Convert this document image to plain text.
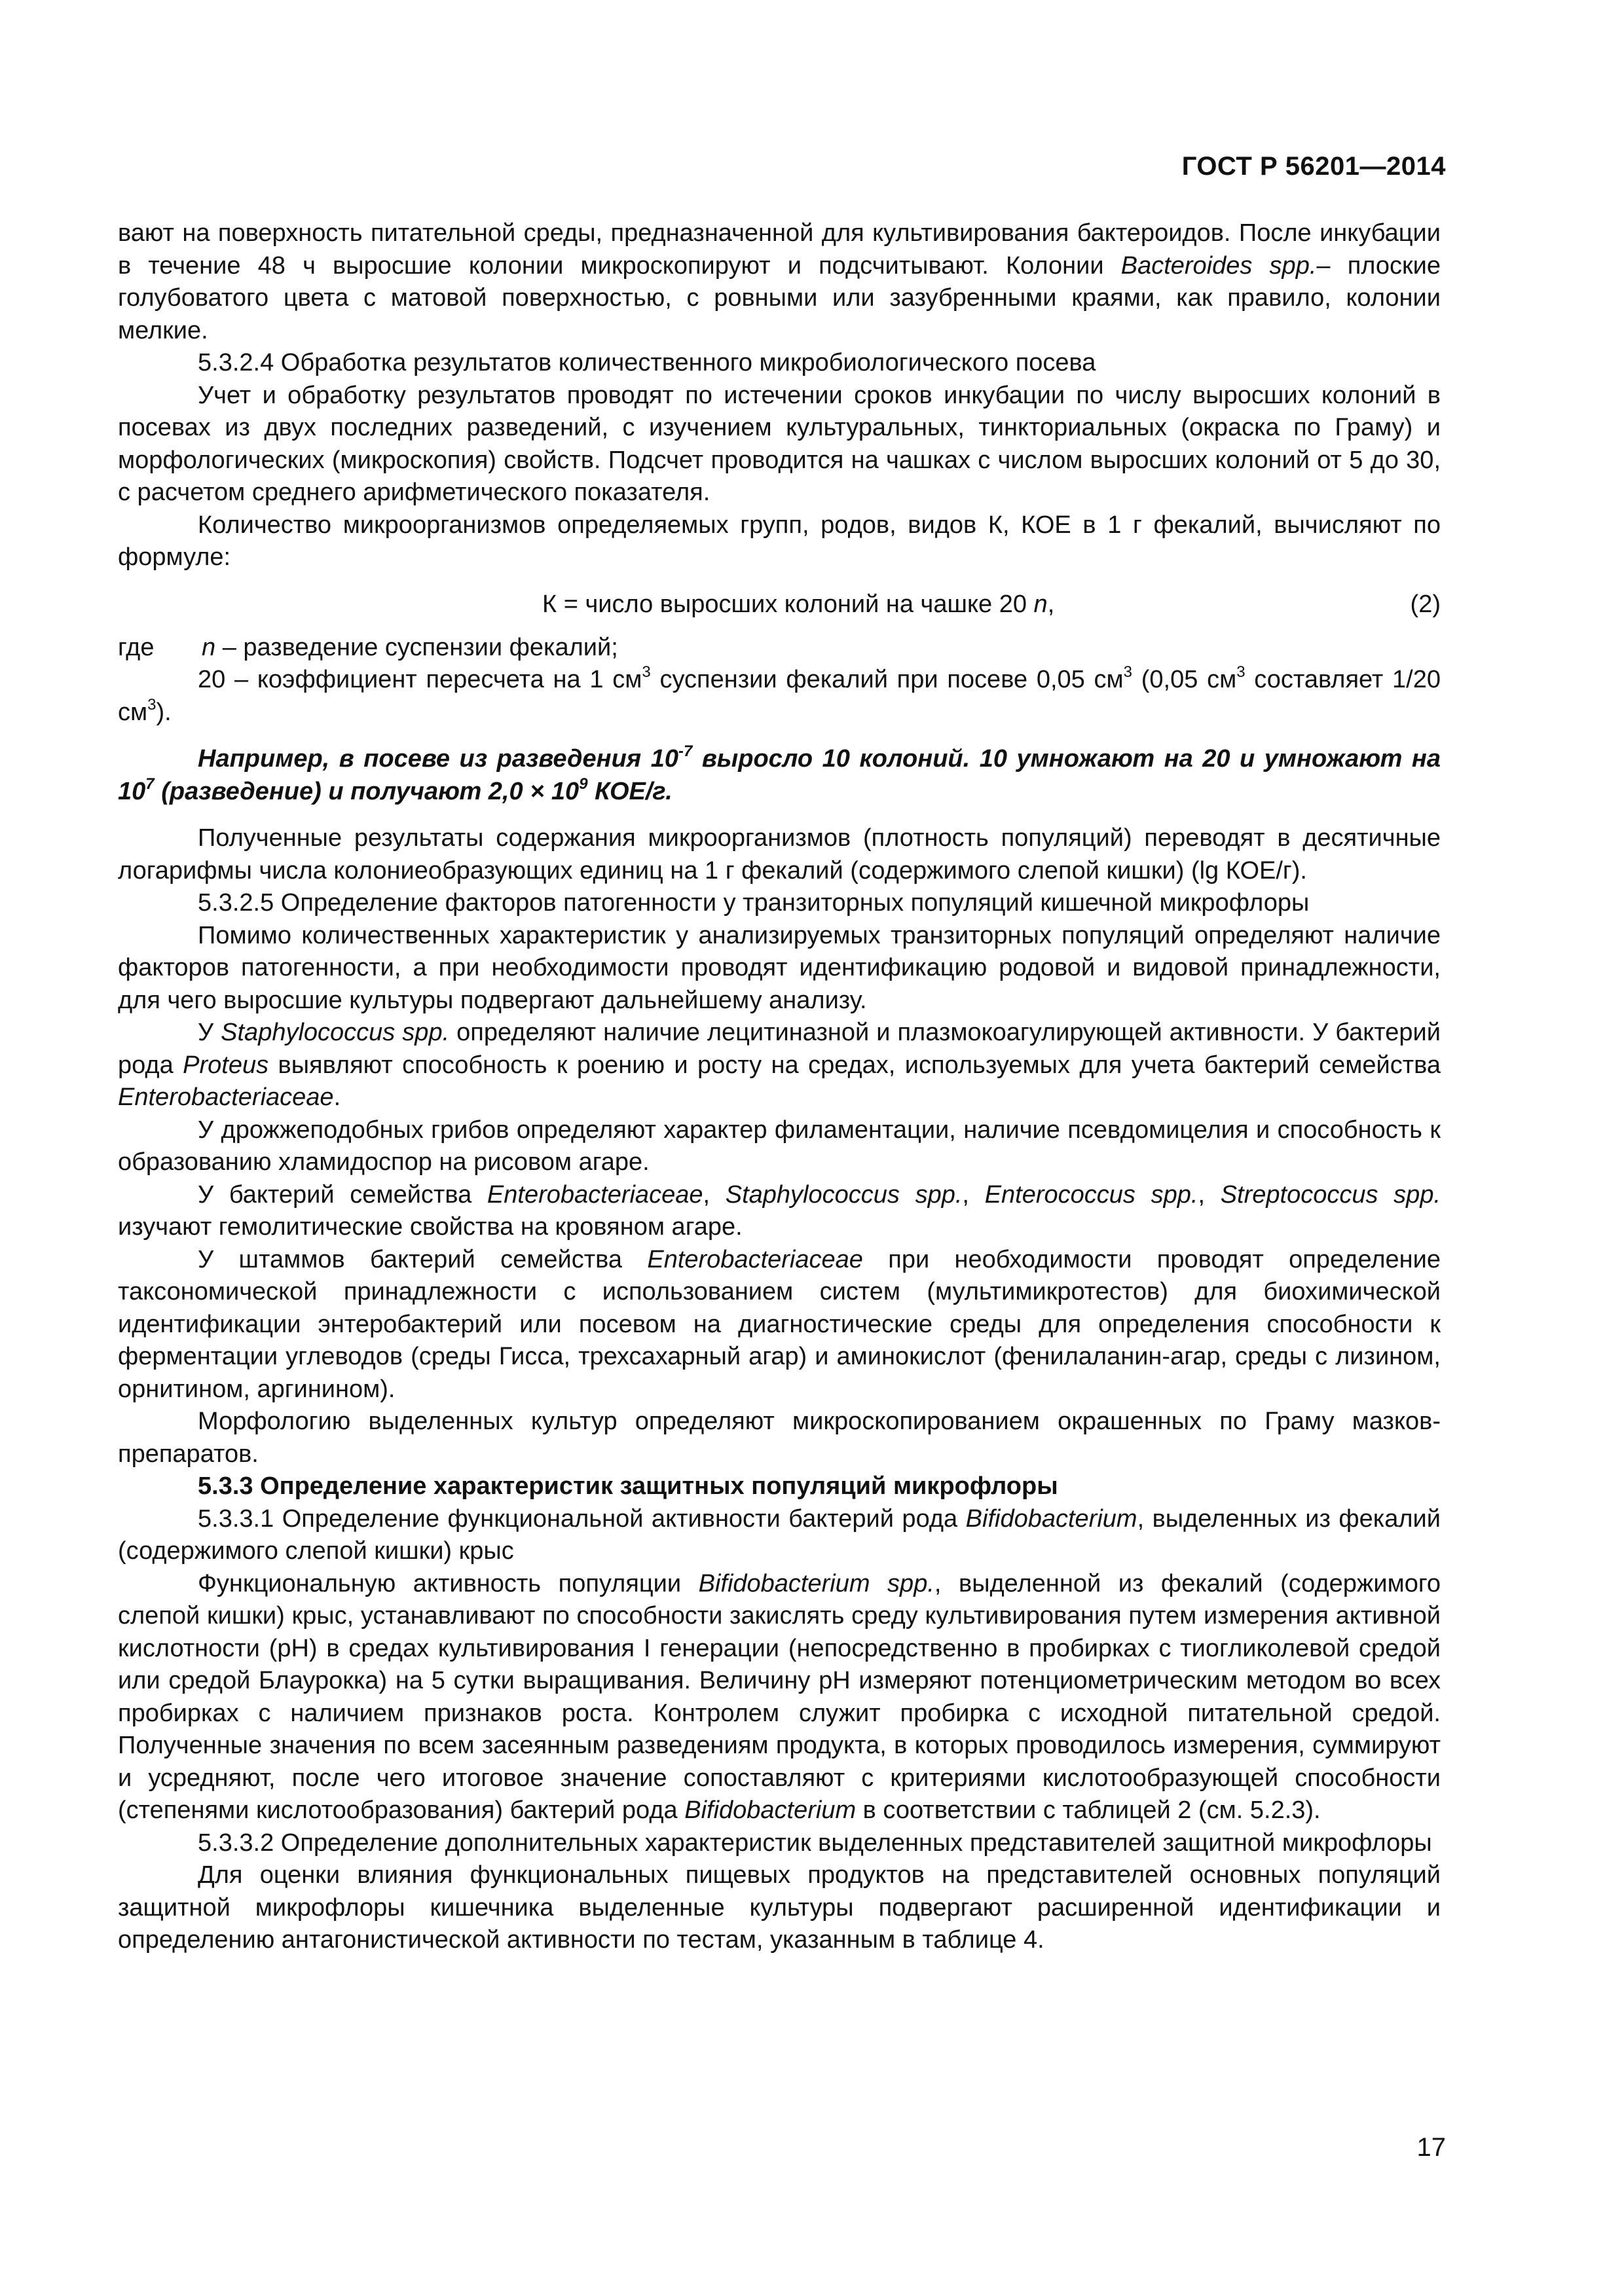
ГОСТ Р 56201—2014

вают на поверхность питательной среды, предназначенной для культивирования бактероидов. После инкубации в течение 48 ч выросшие колонии микроскопируют и подсчитывают. Колонии Bacteroides spp.– плоские голубоватого цвета с матовой поверхностью, с ровными или зазубренными краями, как правило, колонии мелкие.

5.3.2.4 Обработка результатов количественного микробиологического посева

Учет и обработку результатов проводят по истечении сроков инкубации по числу выросших колоний в посевах из двух последних разведений, с изучением культуральных, тинкториальных (окраска по Граму) и морфологических (микроскопия) свойств. Подсчет проводится на чашках с числом выросших колоний от 5 до 30, с расчетом среднего арифметического показателя.

Количество микроорганизмов определяемых групп, родов, видов К, КОЕ в 1 г фекалий, вычисляют по формуле:

К = число выросших колоний на чашке 20 n,	(2)

где n – разведение суспензии фекалий;

20 – коэффициент пересчета на 1 $см^3$ суспензии фекалий при посеве 0,05 $см^3$ (0,05 $см^3$ составляет 1/20 $см^3$).

Например, в посеве из разведения $10^{-7}$ выросло 10 колоний. 10 умножают на 20 и умножают на $10^7$ (разведение) и получают $2,0 \times 10^9$ КОЕ/г.

Полученные результаты содержания микроорганизмов (плотность популяций) переводят в десятичные логарифмы числа колониеобразующих единиц на 1 г фекалий (содержимого слепой кишки) (lg КОЕ/г).

5.3.2.5 Определение факторов патогенности у транзиторных популяций кишечной микрофлоры

Помимо количественных характеристик у анализируемых транзиторных популяций определяют наличие факторов патогенности, а при необходимости проводят идентификацию родовой и видовой принадлежности, для чего выросшие культуры подвергают дальнейшему анализу.

У Staphylococcus spp. определяют наличие лецитиназной и плазмокоагулирующей активности. У бактерий рода Proteus выявляют способность к роению и росту на средах, используемых для учета бактерий семейства Enterobacteriaceae.

У дрожжеподобных грибов определяют характер филаментации, наличие псевдомицелия и способность к образованию хламидоспор на рисовом агаре.

У бактерий семейства Enterobacteriaceae, Staphylococcus spp., Enterococcus spp., Streptococcus spp. изучают гемолитические свойства на кровяном агаре.

У штаммов бактерий семейства Enterobacteriaceae при необходимости проводят определение таксономической принадлежности с использованием систем (мультимикротестов) для биохимической идентификации энтеробактерий или посевом на диагностические среды для определения способности к ферментации углеводов (среды Гисса, трехсахарный агар) и аминокислот (фенилаланин-агар, среды с лизином, орнитином, аргинином).

Морфологию выделенных культур определяют микроскопированием окрашенных по Граму мазков-препаратов.

5.3.3 Определение характеристик защитных популяций микрофлоры

5.3.3.1 Определение функциональной активности бактерий рода Bifidobacterium, выделенных из фекалий (содержимого слепой кишки) крыс

Функциональную активность популяции Bifidobacterium spp., выделенной из фекалий (содержимого слепой кишки) крыс, устанавливают по способности закислять среду культивирования путем измерения активной кислотности (рН) в средах культивирования I генерации (непосредственно в пробирках с тиогликолевой средой или средой Блаурокка) на 5 сутки выращивания. Величину рН измеряют потенциометрическим методом во всех пробирках с наличием признаков роста. Контролем служит пробирка с исходной питательной средой. Полученные значения по всем засеянным разведениям продукта, в которых проводилось измерения, суммируют и усредняют, после чего итоговое значение сопоставляют с критериями кислотообразующей способности (степенями кислотообразования) бактерий рода Bifidobacterium в соответствии с таблицей 2 (см. 5.2.3).

5.3.3.2 Определение дополнительных характеристик выделенных представителей защитной микрофлоры

Для оценки влияния функциональных пищевых продуктов на представителей основных популяций защитной микрофлоры кишечника выделенные культуры подвергают расширенной идентификации и определению антагонистической активности по тестам, указанным в таблице 4.

17
